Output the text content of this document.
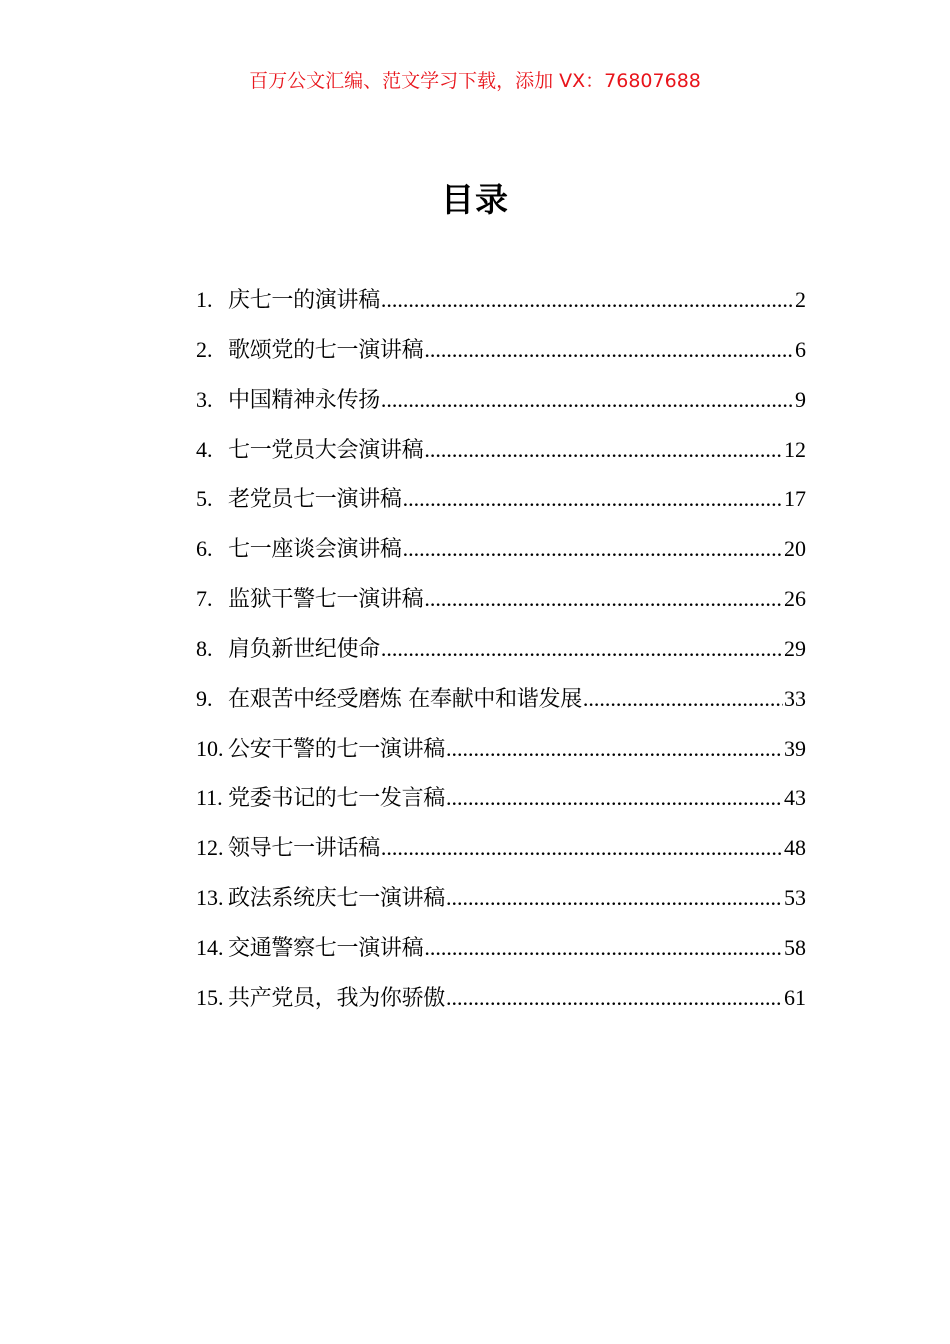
百万公文汇编、范文学习下载，添加 VX：76807688
目录
1. 庆七一的演讲稿 .....	2
2. 歌颂党的七一演讲稿 .....	6
3. 中国精神永传扬 .....	9
4. 七一党员大会演讲稿 .....	12
5. 老党员七一演讲稿 .....	17
6. 七一座谈会演讲稿 .....	20
7. 监狱干警七一演讲稿 .....	26
8. 肩负新世纪使命 .....	29
9. 在艰苦中经受磨炼 在奉献中和谐发展 .....	33
10. 公安干警的七一演讲稿 .....	39
11. 党委书记的七一发言稿 .....	43
12. 领导七一讲话稿 .....	48
13. 政法系统庆七一演讲稿 .....	53
14. 交通警察七一演讲稿 .....	58
15. 共产党员，我为你骄傲 .....	61
